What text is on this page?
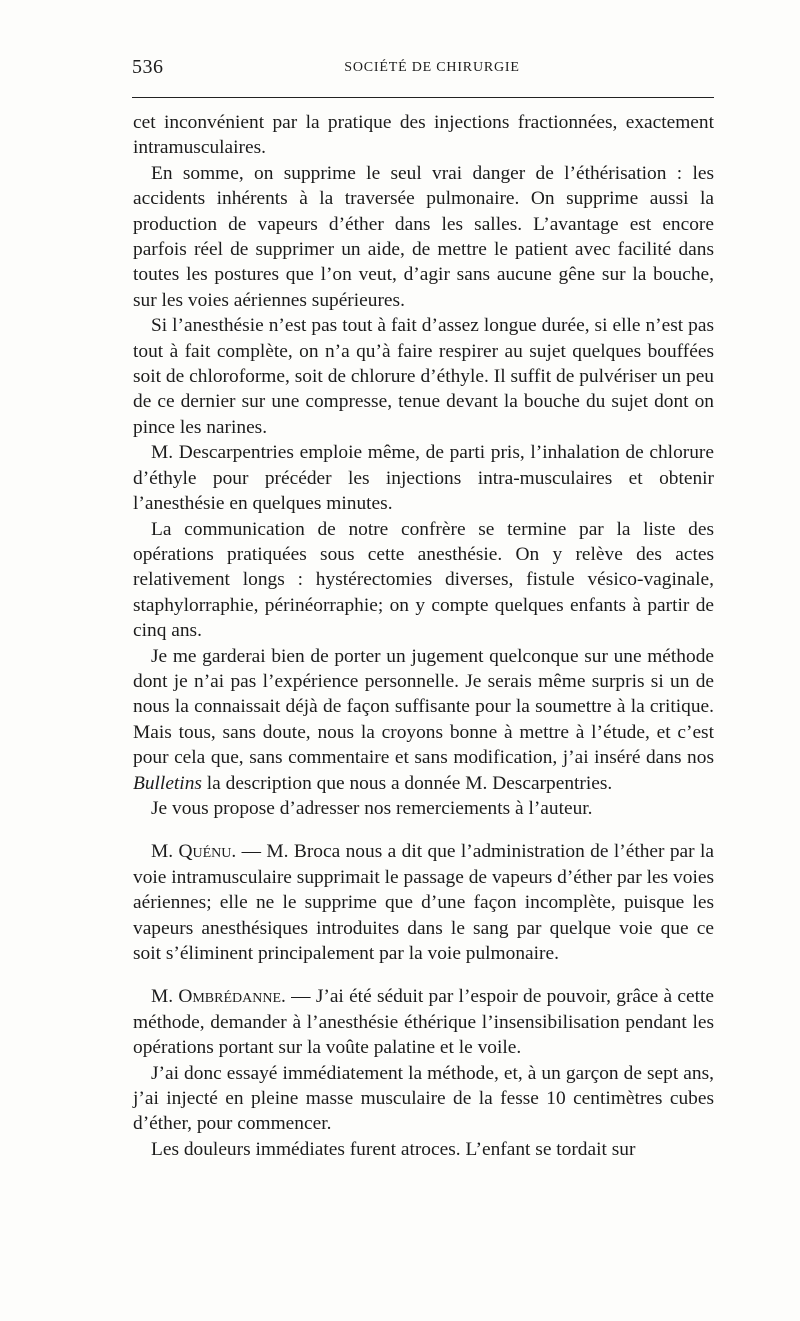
536	SOCIÉTÉ DE CHIRURGIE

cet inconvénient par la pratique des injections fractionnées, exactement intramusculaires.

En somme, on supprime le seul vrai danger de l’éthérisation : les accidents inhérents à la traversée pulmonaire. On supprime aussi la production de vapeurs d’éther dans les salles. L’avantage est encore parfois réel de supprimer un aide, de mettre le patient avec facilité dans toutes les postures que l’on veut, d’agir sans aucune gêne sur la bouche, sur les voies aériennes supérieures.

Si l’anesthésie n’est pas tout à fait d’assez longue durée, si elle n’est pas tout à fait complète, on n’a qu’à faire respirer au sujet quelques bouffées soit de chloroforme, soit de chlorure d’éthyle. Il suffit de pulvériser un peu de ce dernier sur une compresse, tenue devant la bouche du sujet dont on pince les narines.

M. Descarpentries emploie même, de parti pris, l’inhalation de chlorure d’éthyle pour précéder les injections intra-musculaires et obtenir l’anesthésie en quelques minutes.

La communication de notre confrère se termine par la liste des opérations pratiquées sous cette anesthésie. On y relève des actes relativement longs : hystérectomies diverses, fistule vésico-vaginale, staphylorraphie, périnéorraphie; on y compte quelques enfants à partir de cinq ans.

Je me garderai bien de porter un jugement quelconque sur une méthode dont je n’ai pas l’expérience personnelle. Je serais même surpris si un de nous la connaissait déjà de façon suffisante pour la soumettre à la critique. Mais tous, sans doute, nous la croyons bonne à mettre à l’étude, et c’est pour cela que, sans commentaire et sans modification, j’ai inséré dans nos Bulletins la description que nous a donnée M. Descarpentries.

Je vous propose d’adresser nos remerciements à l’auteur.

M. Quénu. — M. Broca nous a dit que l’administration de l’éther par la voie intramusculaire supprimait le passage de vapeurs d’éther par les voies aériennes; elle ne le supprime que d’une façon incomplète, puisque les vapeurs anesthésiques introduites dans le sang par quelque voie que ce soit s’éliminent principalement par la voie pulmonaire.

M. Ombrédanne. — J’ai été séduit par l’espoir de pouvoir, grâce à cette méthode, demander à l’anesthésie éthérique l’insensibilisation pendant les opérations portant sur la voûte palatine et le voile.

J’ai donc essayé immédiatement la méthode, et, à un garçon de sept ans, j’ai injecté en pleine masse musculaire de la fesse 10 centimètres cubes d’éther, pour commencer.

Les douleurs immédiates furent atroces. L’enfant se tordait sur
